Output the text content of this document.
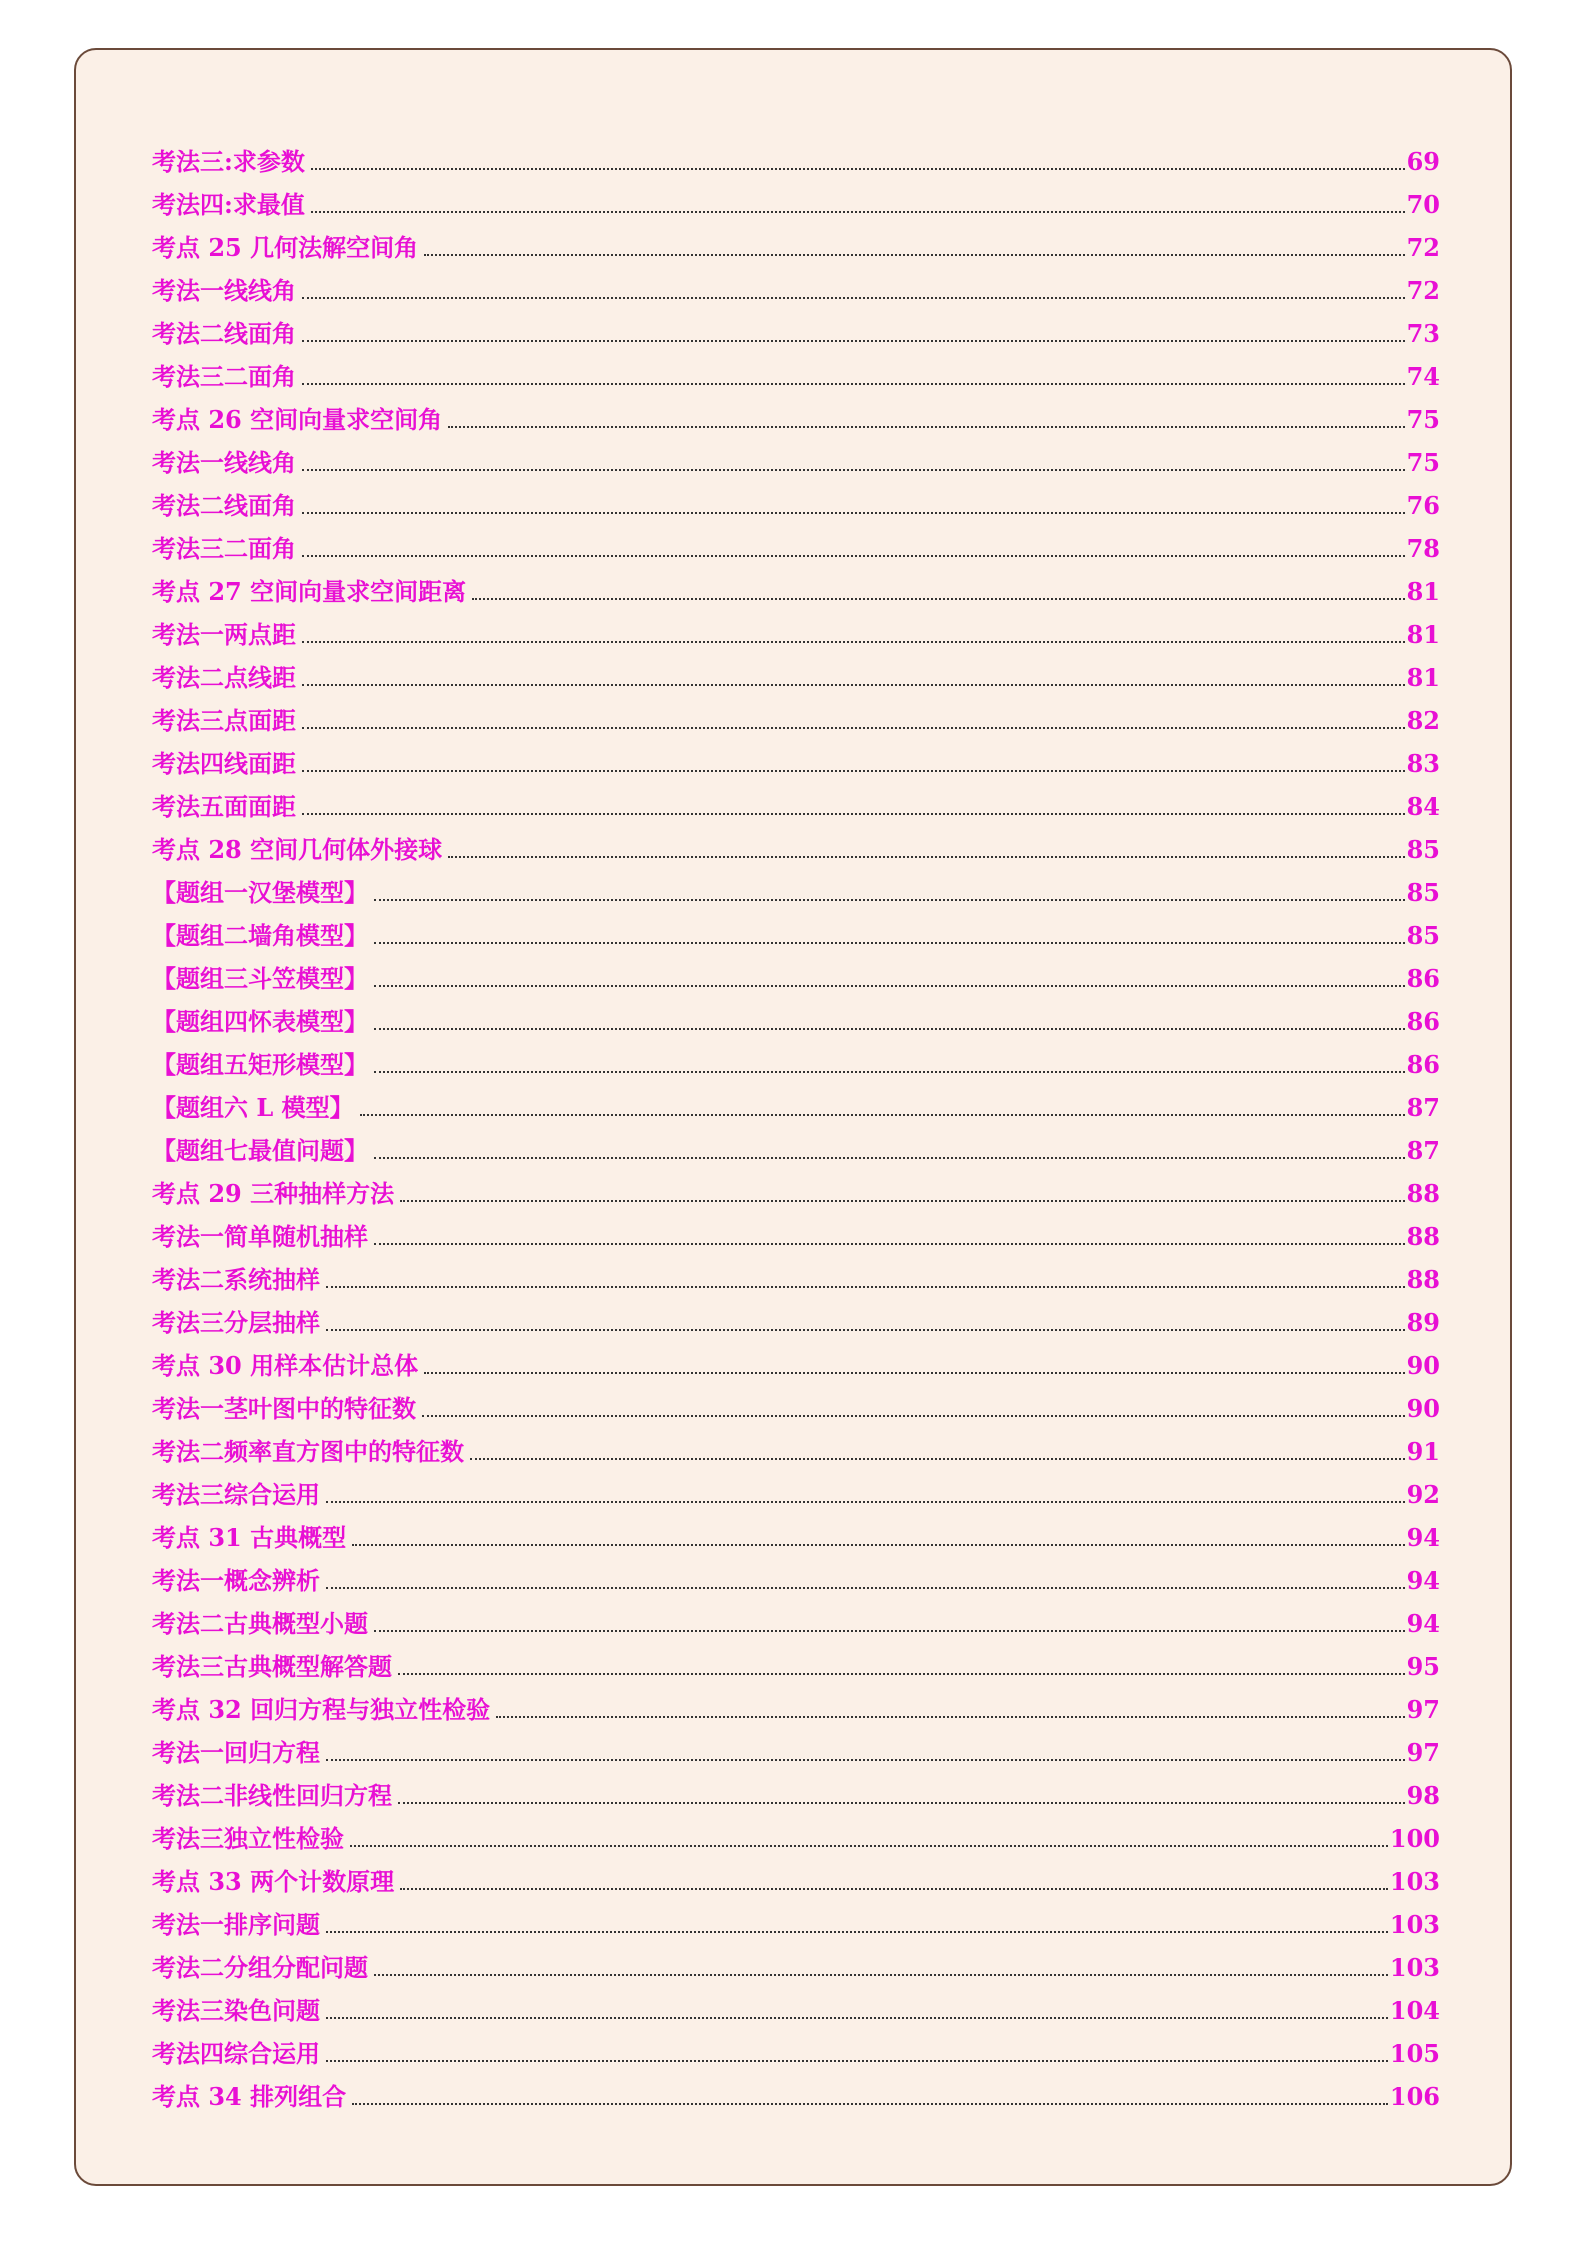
考法三:求参数	69
考法四:求最值	70
考点 25 几何法解空间角	72
考法一线线角	72
考法二线面角	73
考法三二面角	74
考点 26 空间向量求空间角	75
考法一线线角	75
考法二线面角	76
考法三二面角	78
考点 27 空间向量求空间距离	81
考法一两点距	81
考法二点线距	81
考法三点面距	82
考法四线面距	83
考法五面面距	84
考点 28 空间几何体外接球	85
【题组一汉堡模型】	85
【题组二墙角模型】	85
【题组三斗笠模型】	86
【题组四怀表模型】	86
【题组五矩形模型】	86
【题组六 L 模型】	87
【题组七最值问题】	87
考点 29 三种抽样方法	88
考法一简单随机抽样	88
考法二系统抽样	88
考法三分层抽样	89
考点 30 用样本估计总体	90
考法一茎叶图中的特征数	90
考法二频率直方图中的特征数	91
考法三综合运用	92
考点 31 古典概型	94
考法一概念辨析	94
考法二古典概型小题	94
考法三古典概型解答题	95
考点 32 回归方程与独立性检验	97
考法一回归方程	97
考法二非线性回归方程	98
考法三独立性检验	100
考点 33 两个计数原理	103
考法一排序问题	103
考法二分组分配问题	103
考法三染色问题	104
考法四综合运用	105
考点 34 排列组合	106
